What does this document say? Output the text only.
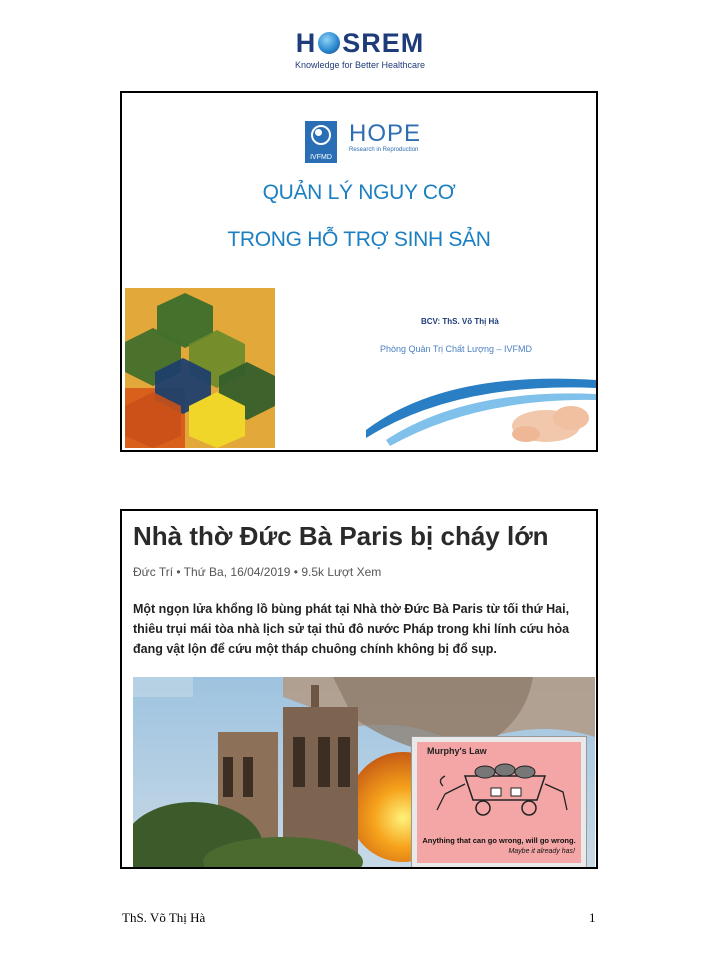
H SREM
Knowledge for Better Healthcare
IVFMD
HOPE
Research in Reproduction
QUẢN LÝ NGUY CƠ
TRONG HỖ TRỢ SINH SẢN
BCV: ThS. Võ Thị Hà
Phòng Quản Trị Chất Lượng – IVFMD
Nhà thờ Đức Bà Paris bị cháy lớn
Đức Trí • Thứ Ba, 16/04/2019 • 9.5k Lượt Xem
Một ngọn lửa khổng lồ bùng phát tại Nhà thờ Đức Bà Paris từ tối thứ Hai, thiêu trụi mái tòa nhà lịch sử tại thủ đô nước Pháp trong khi lính cứu hỏa đang vật lộn để cứu một tháp chuông chính không bị đổ sụp.
Murphy's Law
Anything that can go wrong, will go wrong.
Maybe it already has!
ThS. Võ Thị Hà	1
